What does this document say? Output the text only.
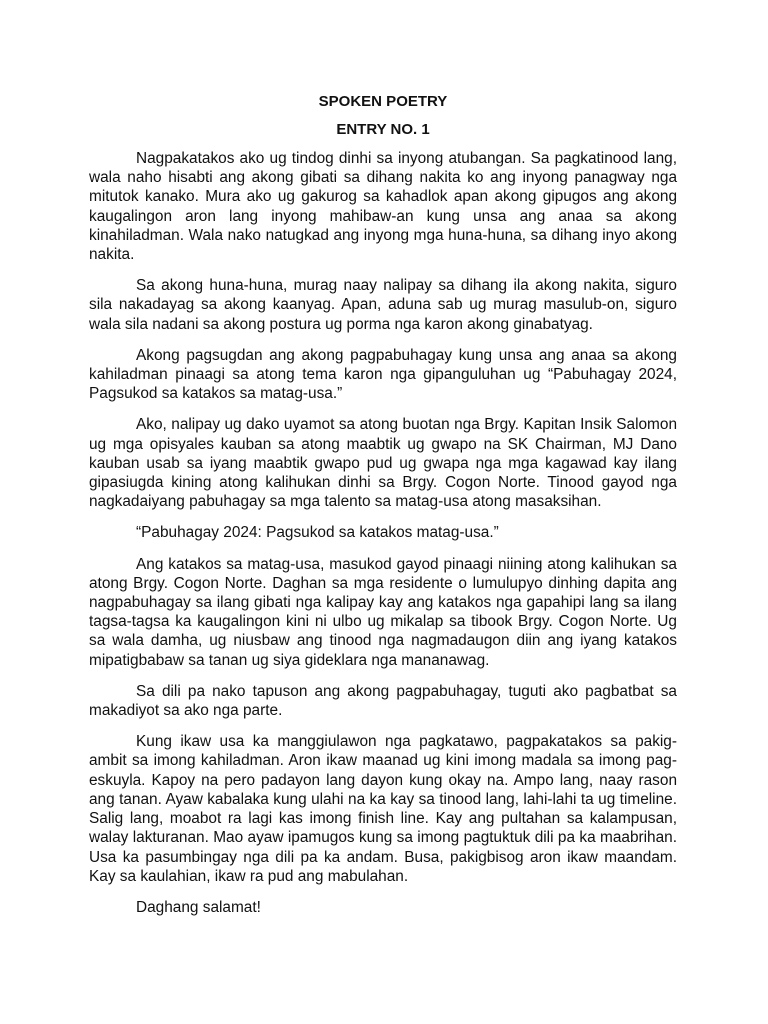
SPOKEN POETRY
ENTRY NO. 1

Nagpakatakos ako ug tindog dinhi sa inyong atubangan. Sa pagkatinood lang, wala naho hisabti ang akong gibati sa dihang nakita ko ang inyong panagway nga mitutok kanako. Mura ako ug gakurog sa kahadlok apan akong gipugos ang akong kaugalingon aron lang inyong mahibaw-an kung unsa ang anaa sa akong kinahiladman. Wala nako natugkad ang inyong mga huna-huna, sa dihang inyo akong nakita.

Sa akong huna-huna, murag naay nalipay sa dihang ila akong nakita, siguro sila nakadayag sa akong kaanyag. Apan, aduna sab ug murag masulub-on, siguro wala sila nadani sa akong postura ug porma nga karon akong ginabatyag.

Akong pagsugdan ang akong pagpabuhagay kung unsa ang anaa sa akong kahiladman pinaagi sa atong tema karon nga gipanguluhan ug “Pabuhagay 2024, Pagsukod sa katakos sa matag-usa.”

Ako, nalipay ug dako uyamot sa atong buotan nga Brgy. Kapitan Insik Salomon ug mga opisyales kauban sa atong maabtik ug gwapo na SK Chairman, MJ Dano kauban usab sa iyang maabtik gwapo pud ug gwapa nga mga kagawad kay ilang gipasiugda kining atong kalihukan dinhi sa Brgy. Cogon Norte. Tinood gayod nga nagkadaiyang pabuhagay sa mga talento sa matag-usa atong masaksihan.

“Pabuhagay 2024: Pagsukod sa katakos matag-usa.”

Ang katakos sa matag-usa, masukod gayod pinaagi niining atong kalihukan sa atong Brgy. Cogon Norte. Daghan sa mga residente o lumulupyo dinhing dapita ang nagpabuhagay sa ilang gibati nga kalipay kay ang katakos nga gapahipi lang sa ilang tagsa-tagsa ka kaugalingon kini ni ulbo ug mikalap sa tibook Brgy. Cogon Norte. Ug sa wala damha, ug niusbaw ang tinood nga nagmadaugon diin ang iyang katakos mipatigbabaw sa tanan ug siya gideklara nga mananawag.

Sa dili pa nako tapuson ang akong pagpabuhagay, tuguti ako pagbatbat sa makadiyot sa ako nga parte.

Kung ikaw usa ka manggiulawon nga pagkatawo, pagpakatakos sa pakig-ambit sa imong kahiladman. Aron ikaw maanad ug kini imong madala sa imong pag-eskuyla. Kapoy na pero padayon lang dayon kung okay na. Ampo lang, naay rason ang tanan. Ayaw kabalaka kung ulahi na ka kay sa tinood lang, lahi-lahi ta ug timeline. Salig lang, moabot ra lagi kas imong finish line. Kay ang pultahan sa kalampusan, walay lakturanan. Mao ayaw ipamugos kung sa imong pagtuktuk dili pa ka maabrihan. Usa ka pasumbingay nga dili pa ka andam. Busa, pakigbisog aron ikaw maandam. Kay sa kaulahian, ikaw ra pud ang mabulahan.

Daghang salamat!
